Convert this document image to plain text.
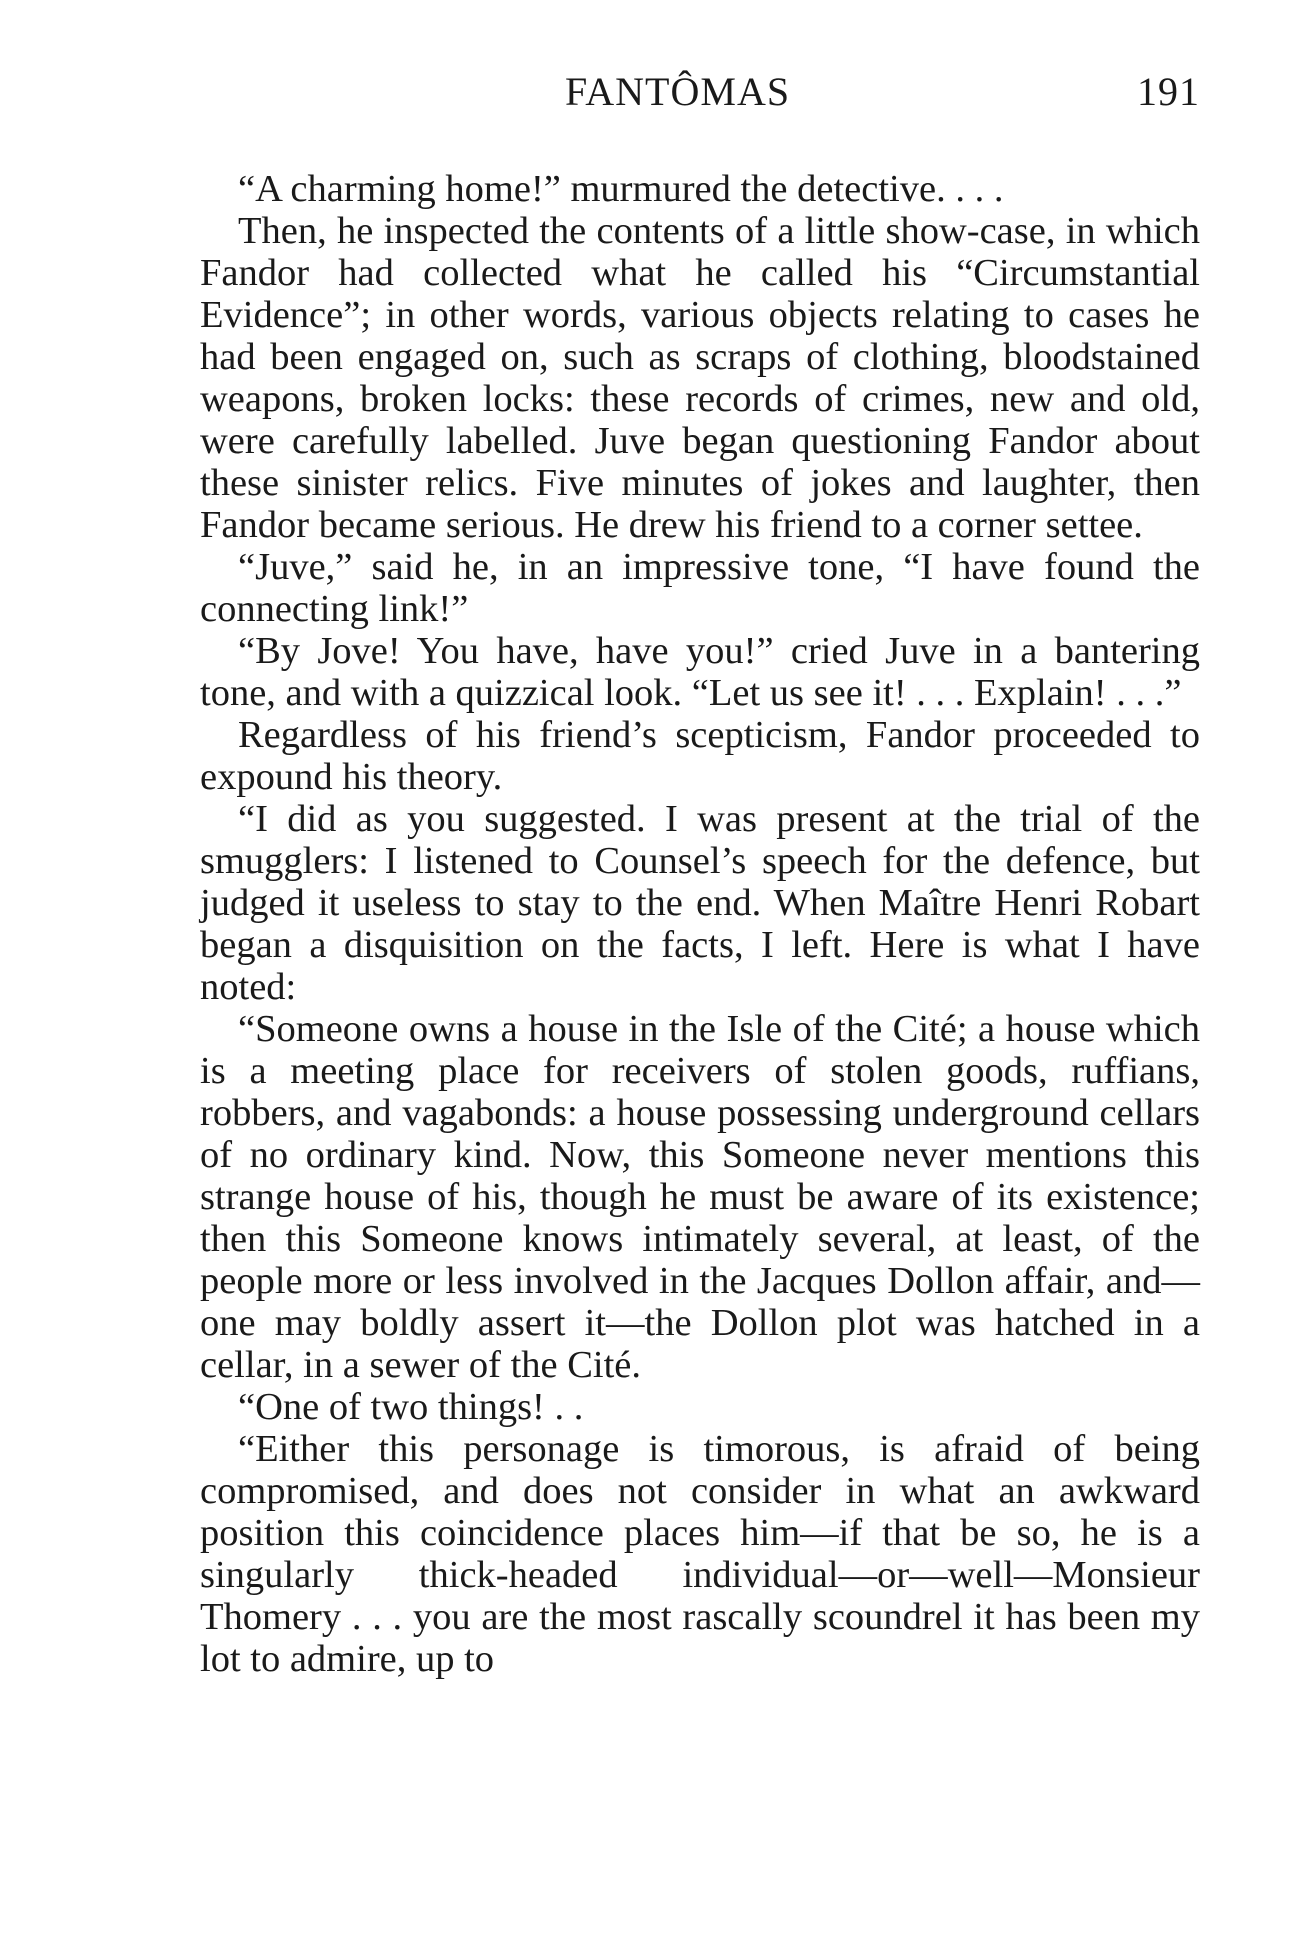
FANTÔMAS	191

“A charming home!” murmured the detective. . . .

Then, he inspected the contents of a little show-case, in which Fandor had collected what he called his “Circumstantial Evidence”; in other words, various objects relating to cases he had been engaged on, such as scraps of clothing, bloodstained weapons, broken locks: these records of crimes, new and old, were carefully labelled. Juve began questioning Fandor about these sinister relics. Five minutes of jokes and laughter, then Fandor became serious. He drew his friend to a corner settee.

“Juve,” said he, in an impressive tone, “I have found the connecting link!”

“By Jove! You have, have you!” cried Juve in a bantering tone, and with a quizzical look. “Let us see it! . . . Explain! . . .”

Regardless of his friend’s scepticism, Fandor proceeded to expound his theory.

“I did as you suggested. I was present at the trial of the smugglers: I listened to Counsel’s speech for the defence, but judged it useless to stay to the end. When Maître Henri Robart began a disquisition on the facts, I left. Here is what I have noted:

“Someone owns a house in the Isle of the Cité; a house which is a meeting place for receivers of stolen goods, ruffians, robbers, and vagabonds: a house possessing underground cellars of no ordinary kind. Now, this Someone never mentions this strange house of his, though he must be aware of its existence; then this Someone knows intimately several, at least, of the people more or less involved in the Jacques Dollon affair, and—one may boldly assert it—the Dollon plot was hatched in a cellar, in a sewer of the Cité.

“One of two things! . .

“Either this personage is timorous, is afraid of being compromised, and does not consider in what an awkward position this coincidence places him—if that be so, he is a singularly thick-headed individual—or—well—Monsieur Thomery . . . you are the most rascally scoundrel it has been my lot to admire, up to
